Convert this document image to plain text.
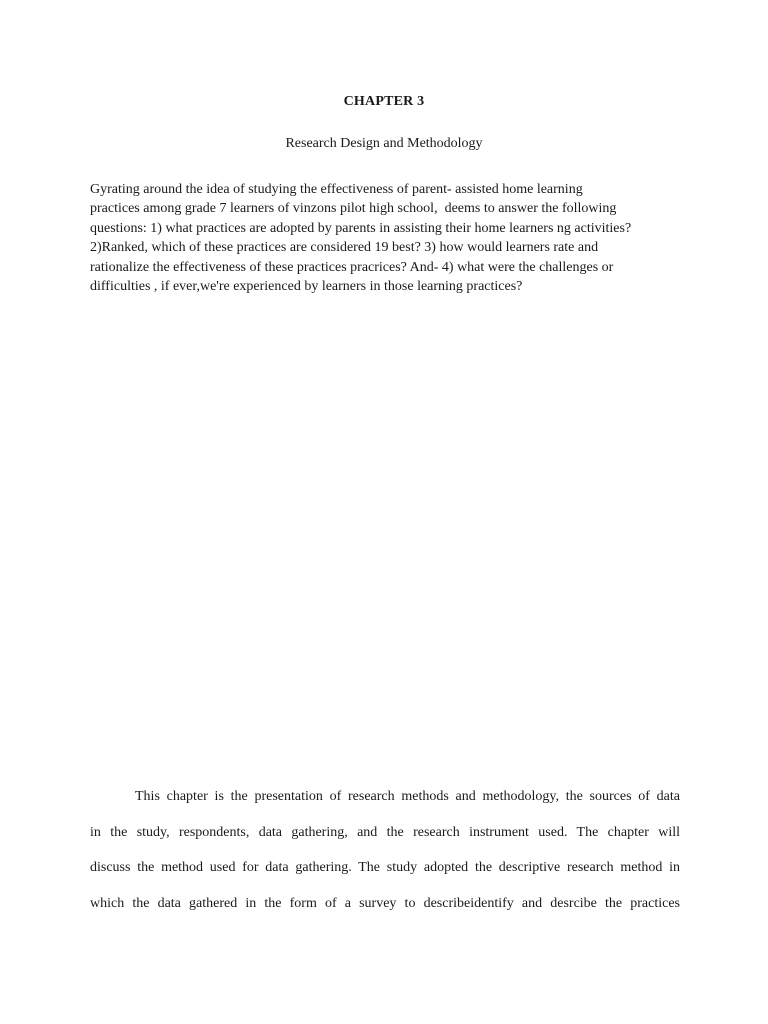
CHAPTER 3
Research Design and Methodology
Gyrating around the idea of studying the effectiveness of parent- assisted home learning
practices among grade 7 learners of vinzons pilot high school,  deems to answer the following
questions: 1) what practices are adopted by parents in assisting their home learners ng activities?
2)Ranked, which of these practices are considered 19 best? 3) how would learners rate and
rationalize the effectiveness of these practices pracrices? And- 4) what were the challenges or
difficulties , if ever,we're experienced by learners in those learning practices?
This chapter is the presentation of research methods and methodology, the sources of data
in the study, respondents, data gathering, and the research instrument used. The chapter will
discuss the method used for data gathering. The study adopted the descriptive research method in
which the data gathered in the form of a survey to describeidentify and desrcibe the practices
